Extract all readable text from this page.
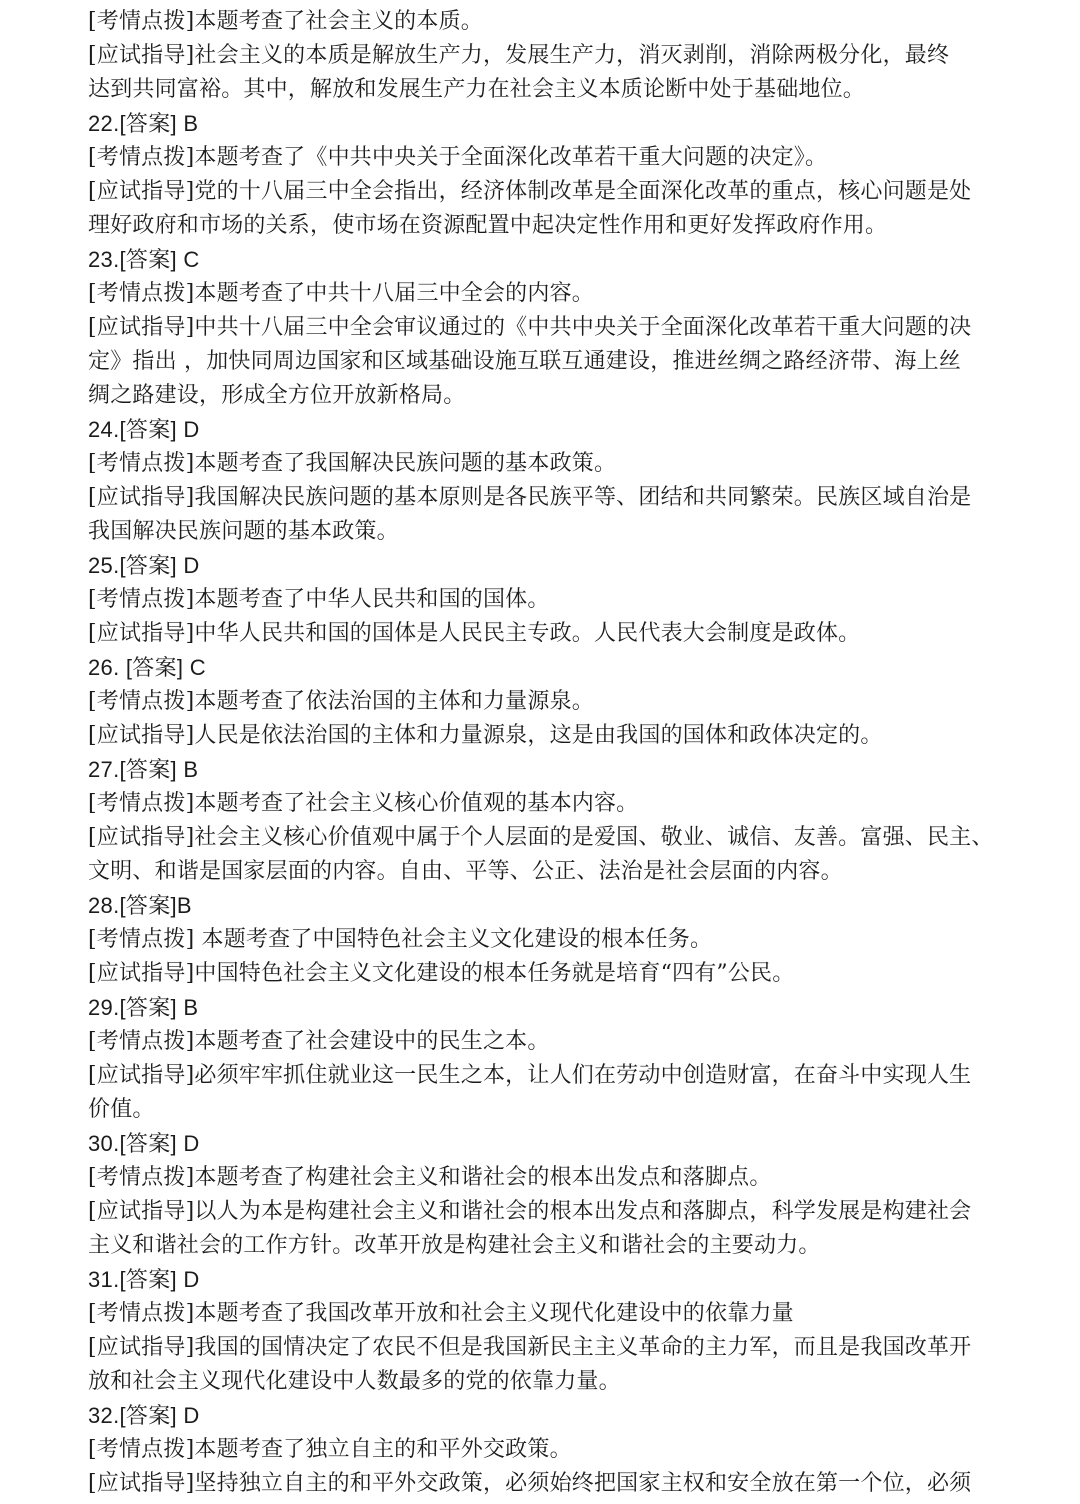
[考情点拨]本题考查了社会主义的本质。
[应试指导]社会主义的本质是解放生产力，发展生产力，消灭剥削，消除两极分化，最终
达到共同富裕。其中，解放和发展生产力在社会主义本质论断中处于基础地位。
22.[答案] B
[考情点拨]本题考查了《中共中央关于全面深化改革若干重大问题的决定》。
[应试指导]党的十八届三中全会指出，经济体制改革是全面深化改革的重点，核心问题是处
理好政府和市场的关系，使市场在资源配置中起决定性作用和更好发挥政府作用。
23.[答案] C
[考情点拨]本题考查了中共十八届三中全会的内容。
[应试指导]中共十八届三中全会审议通过的《中共中央关于全面深化改革若干重大问题的决
定》指出 ，加快同周边国家和区域基础设施互联互通建设，推进丝绸之路经济带、海上丝
绸之路建设，形成全方位开放新格局。
24.[答案] D
[考情点拨]本题考查了我国解决民族问题的基本政策。
[应试指导]我国解决民族问题的基本原则是各民族平等、团结和共同繁荣。民族区域自治是
我国解决民族问题的基本政策。
25.[答案] D
[考情点拨]本题考查了中华人民共和国的国体。
[应试指导]中华人民共和国的国体是人民民主专政。人民代表大会制度是政体。
26. [答案] C
[考情点拨]本题考查了依法治国的主体和力量源泉。
[应试指导]人民是依法治国的主体和力量源泉，这是由我国的国体和政体决定的。
27.[答案] B
[考情点拨]本题考查了社会主义核心价值观的基本内容。
[应试指导]社会主义核心价值观中属于个人层面的是爱国、敬业、诚信、友善。富强、民主、
文明、和谐是国家层面的内容。自由、平等、公正、法治是社会层面的内容。
28.[答案]B
[考情点拨] 本题考查了中国特色社会主义文化建设的根本任务。
[应试指导]中国特色社会主义文化建设的根本任务就是培育“四有”公民。
29.[答案] B
[考情点拨]本题考查了社会建设中的民生之本。
[应试指导]必须牢牢抓住就业这一民生之本，让人们在劳动中创造财富，在奋斗中实现人生
价值。
30.[答案] D
[考情点拨]本题考查了构建社会主义和谐社会的根本出发点和落脚点。
[应试指导]以人为本是构建社会主义和谐社会的根本出发点和落脚点，科学发展是构建社会
主义和谐社会的工作方针。改革开放是构建社会主义和谐社会的主要动力。
31.[答案] D
[考情点拨]本题考查了我国改革开放和社会主义现代化建设中的依靠力量
[应试指导]我国的国情决定了农民不但是我国新民主主义革命的主力军，而且是我国改革开
放和社会主义现代化建设中人数最多的党的依靠力量。
32.[答案] D
[考情点拨]本题考查了独立自主的和平外交政策。
[应试指导]坚持独立自主的和平外交政策，必须始终把国家主权和安全放在第一个位，必须
